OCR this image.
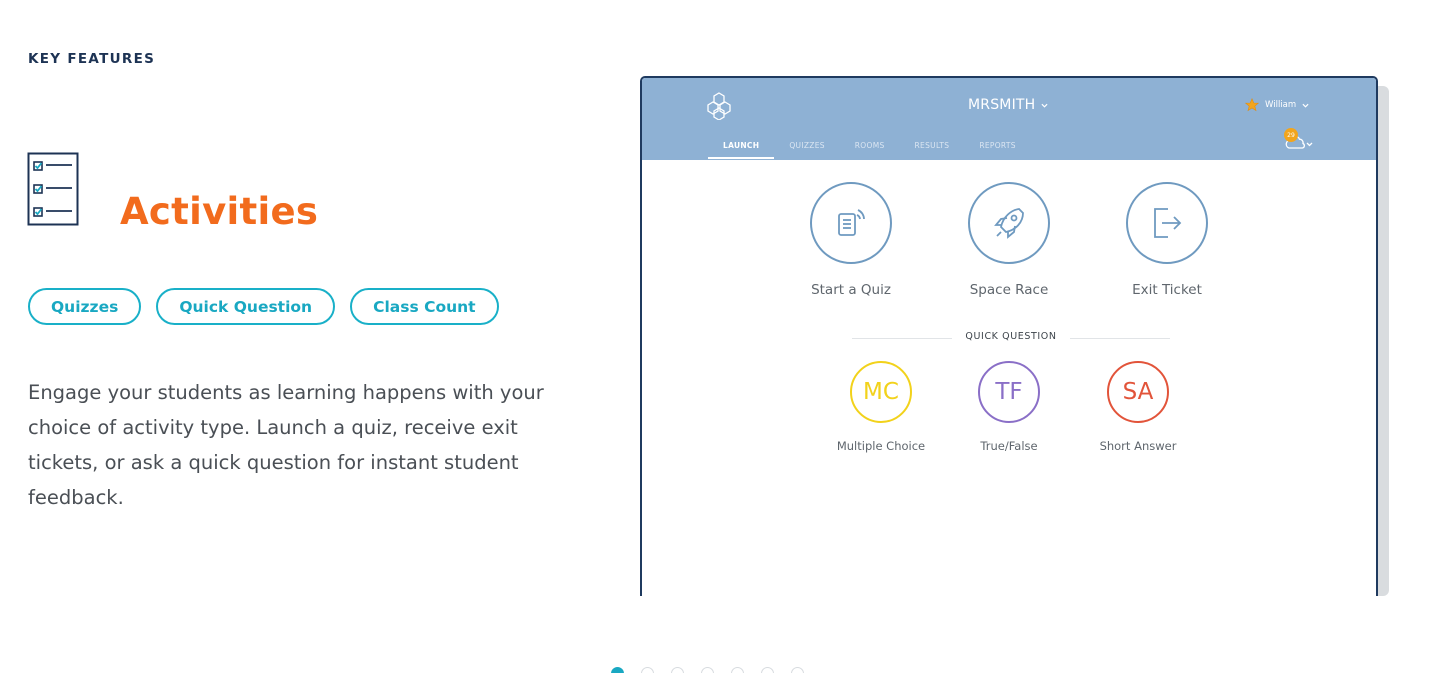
KEY FEATURES
Activities
Quizzes	Quick Question	Class Count

Engage your students as learning happens with your choice of activity type. Launch a quiz, receive exit tickets, or ask a quick question for instant student feedback.

MRSMITH	William
LAUNCH	QUIZZES	ROOMS	RESULTS	REPORTS
29
Start a Quiz	Space Race	Exit Ticket
QUICK QUESTION
MC
Multiple Choice
TF
True/False
SA
Short Answer
